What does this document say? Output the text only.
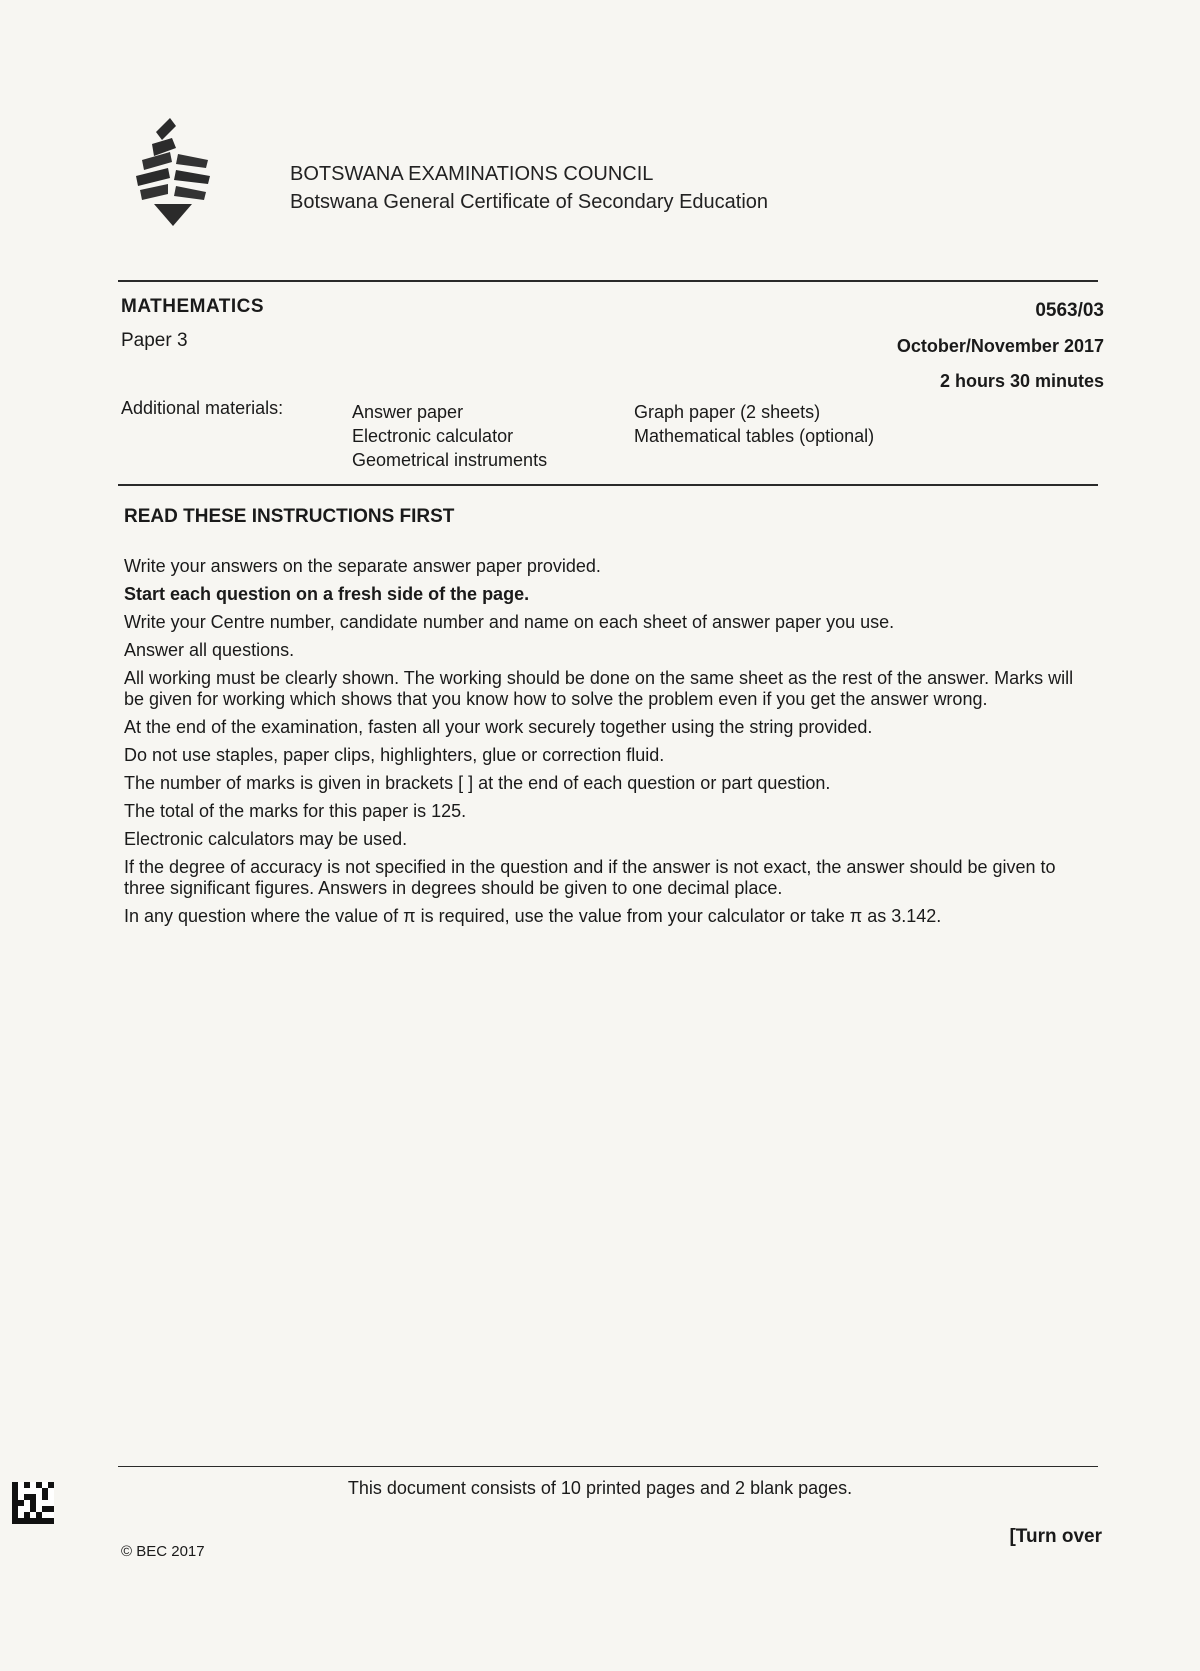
BOTSWANA EXAMINATIONS COUNCIL
Botswana General Certificate of Secondary Education
MATHEMATICS
Paper 3
0563/03
October/November 2017
2 hours 30 minutes
Additional materials:	Answer paper
Electronic calculator
Geometrical instruments
Graph paper (2 sheets)
Mathematical tables (optional)
READ THESE INSTRUCTIONS FIRST

Write your answers on the separate answer paper provided.

Start each question on a fresh side of the page.

Write your Centre number, candidate number and name on each sheet of answer paper you use.

Answer all questions.

All working must be clearly shown. The working should be done on the same sheet as the rest of the answer. Marks will be given for working which shows that you know how to solve the problem even if you get the answer wrong.

At the end of the examination, fasten all your work securely together using the string provided.

Do not use staples, paper clips, highlighters, glue or correction fluid.

The number of marks is given in brackets [ ] at the end of each question or part question.

The total of the marks for this paper is 125.

Electronic calculators may be used.

If the degree of accuracy is not specified in the question and if the answer is not exact, the answer should be given to three significant figures. Answers in degrees should be given to one decimal place.

In any question where the value of π is required, use the value from your calculator or take π as 3.142.

This document consists of 10 printed pages and 2 blank pages.
© BEC 2017
[Turn over
